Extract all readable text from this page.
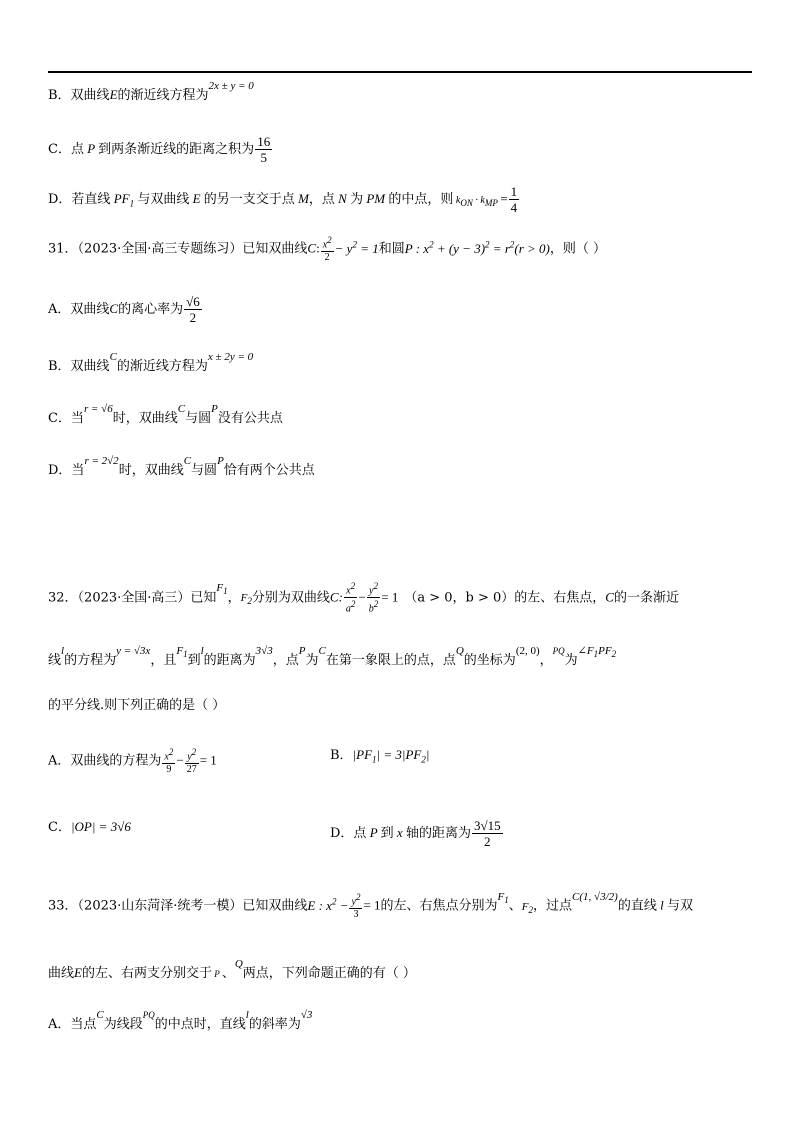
B．双曲线E的渐近线方程为$^{2x \pm y = 0}$
C．点 P 到两条渐近线的距离之积为 $\frac{16}{5}$
D．若直线 $PF_1$ 与双曲线 E 的另一支交于点 M，点 N 为 PM 的中点，则 $k_{ON} \cdot k_{MP} = \frac{1}{4}$
31．（2023·全国·高三专题练习）已知双曲线C: $\frac{x^2}{2} - y^2 = 1$和圆P : $x^2 + (y - 3)^2 = r^2(r > 0)$，则（ ）
A．双曲线C的离心率为 $\frac{√6}{2}$
B．双曲线$^C$的渐近线方程为$^{x \pm 2y = 0}$
C．当$^{r = √6}$时，双曲线$^C$与圆$^P$没有公共点
D．当$^{r = 2√2}$时，双曲线$^C$与圆$^P$恰有两个公共点
32．（2023·全国·高三）已知$^{F_1}$，$F_2$分别为双曲线C: $\frac{x^2}{a^2} - \frac{y^2}{b^2} = 1$ （a > 0，b > 0）的左、右焦点，C的一条渐近
线$^l$的方程为$^{y = √3x}$，且$^{F_1}$到$^l$的距离为$^{3√3}$，点$^P$为$^C$在第一象限上的点，点$^Q$的坐标为$^{(2, 0)}$，$^{PQ}$为$^{\angle F_1PF_2}$
的平分线.则下列正确的是（ ）
A．双曲线的方程为 $\frac{x^2}{9} - \frac{y^2}{27} = 1$	B．$|PF_1| = 3|PF_2|$
C．|OP| = 3√6	D．点 P 到 x 轴的距离为 $\frac{3√15}{2}$
33．（2023·山东菏泽·统考一模）已知双曲线E : $x^2 - \frac{y^2}{3} = 1$的左、右焦点分别为$^{F_1}$、$F_2$，过点$^{C(1, √3/2)}$的直线 l 与双
曲线E的左、右两支分别交于 P 、$^Q$两点，下列命题正确的有（ ）
A．当点$^C$为线段$^{PQ}$的中点时，直线$^l$的斜率为$^{√3}$
